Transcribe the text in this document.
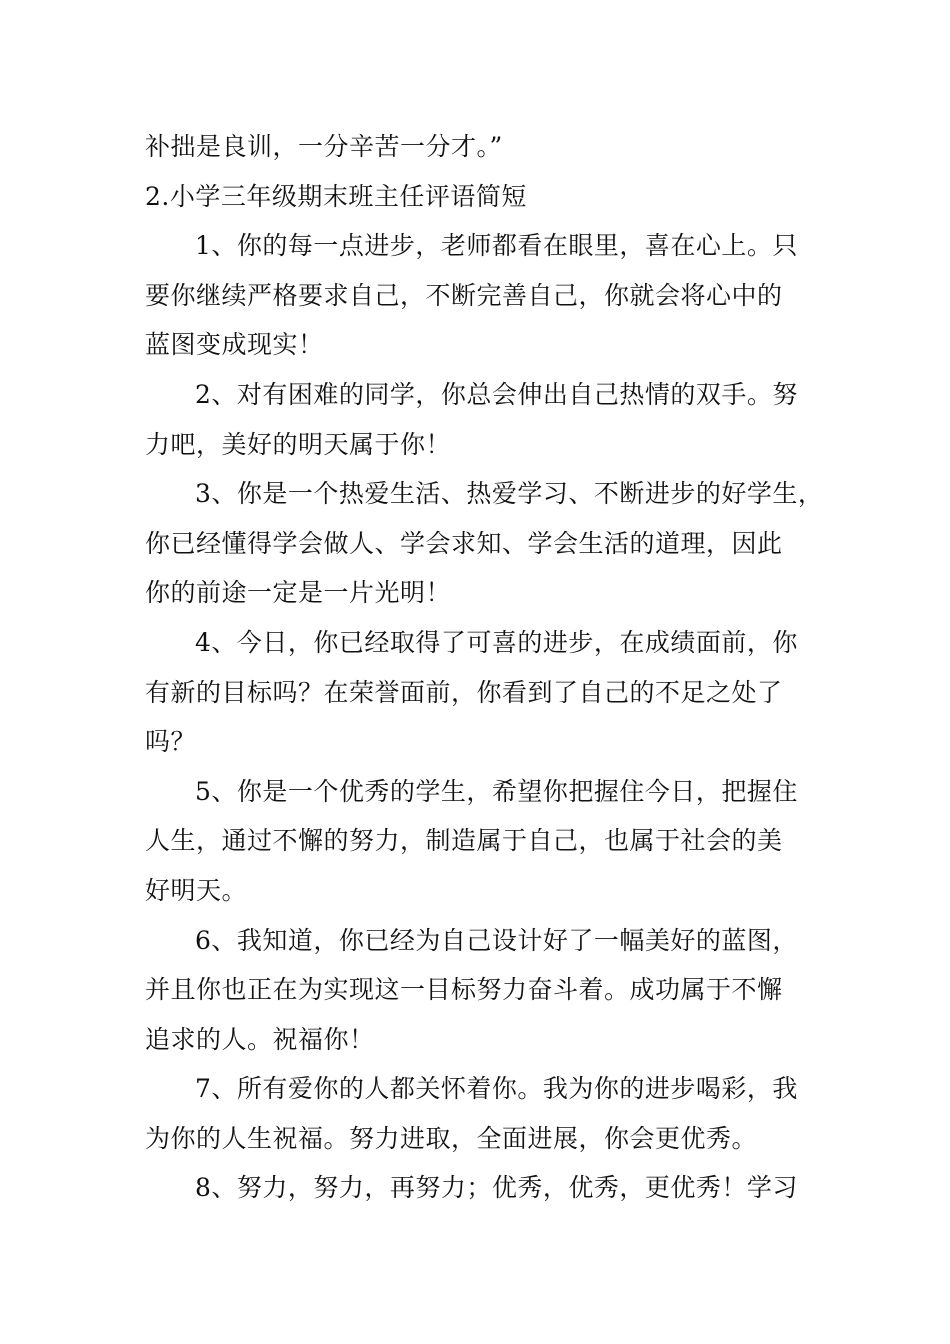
补拙是良训，一分辛苦一分才。”
2.小学三年级期末班主任评语简短
1、你的每一点进步，老师都看在眼里，喜在心上。只
要你继续严格要求自己，不断完善自己，你就会将心中的
蓝图变成现实！
2、对有困难的同学，你总会伸出自己热情的双手。努
力吧，美好的明天属于你！
3、你是一个热爱生活、热爱学习、不断进步的好学生，
你已经懂得学会做人、学会求知、学会生活的道理，因此
你的前途一定是一片光明！
4、今日，你已经取得了可喜的进步，在成绩面前，你
有新的目标吗？在荣誉面前，你看到了自己的不足之处了
吗？
5、你是一个优秀的学生，希望你把握住今日，把握住
人生，通过不懈的努力，制造属于自己，也属于社会的美
好明天。
6、我知道，你已经为自己设计好了一幅美好的蓝图，
并且你也正在为实现这一目标努力奋斗着。成功属于不懈
追求的人。祝福你！
7、所有爱你的人都关怀着你。我为你的进步喝彩，我
为你的人生祝福。努力进取，全面进展，你会更优秀。
8、努力，努力，再努力；优秀，优秀，更优秀！学习
